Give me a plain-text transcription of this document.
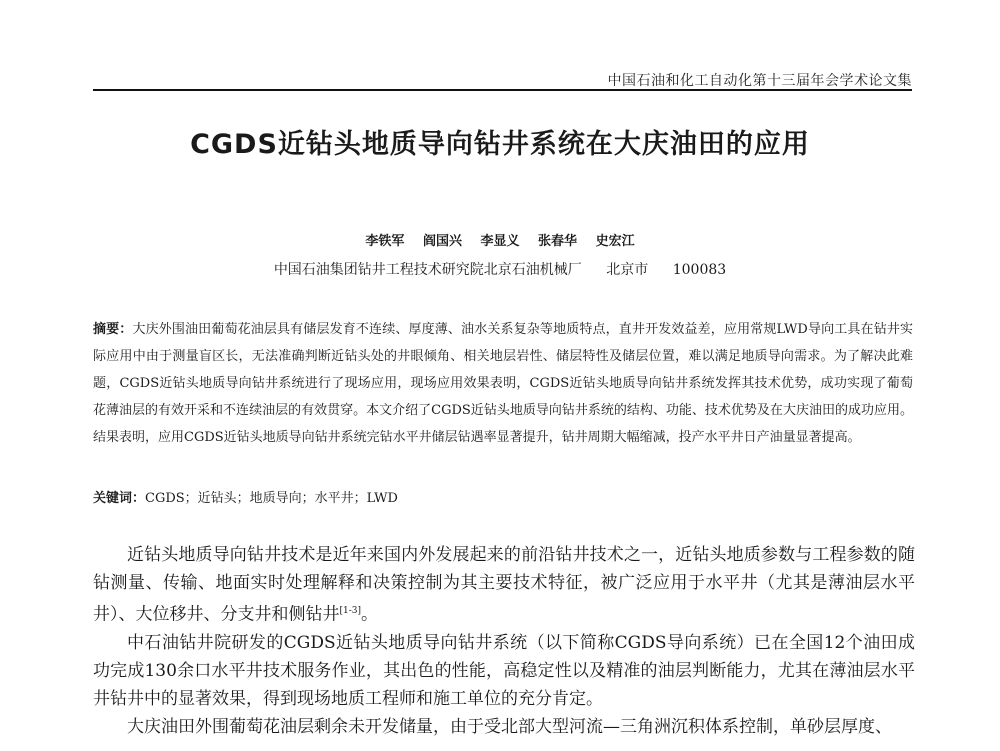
中国石油和化工自动化第十三届年会学术论文集
CGDS近钻头地质导向钻井系统在大庆油田的应用
李铁军 阎国兴 李显义 张春华 史宏江
中国石油集团钻井工程技术研究院北京石油机械厂 北京市 100083
摘要：大庆外围油田葡萄花油层具有储层发育不连续、厚度薄、油水关系复杂等地质特点，直井开发效益差，应用常规LWD导向工具在钻井实际应用中由于测量盲区长，无法准确判断近钻头处的井眼倾角、相关地层岩性、储层特性及储层位置，难以满足地质导向需求。为了解决此难题，CGDS近钻头地质导向钻井系统进行了现场应用，现场应用效果表明，CGDS近钻头地质导向钻井系统发挥其技术优势，成功实现了葡萄花薄油层的有效开采和不连续油层的有效贯穿。本文介绍了CGDS近钻头地质导向钻井系统的结构、功能、技术优势及在大庆油田的成功应用。结果表明，应用CGDS近钻头地质导向钻井系统完钻水平井储层钻遇率显著提升，钻井周期大幅缩减，投产水平井日产油量显著提高。
关键词：CGDS；近钻头；地质导向；水平井；LWD

近钻头地质导向钻井技术是近年来国内外发展起来的前沿钻井技术之一，近钻头地质参数与工程参数的随钻测量、传输、地面实时处理解释和决策控制为其主要技术特征，被广泛应用于水平井（尤其是薄油层水平井）、大位移井、分支井和侧钻井[1-3]。

中石油钻井院研发的CGDS近钻头地质导向钻井系统（以下简称CGDS导向系统）已在全国12个油田成功完成130余口水平井技术服务作业，其出色的性能，高稳定性以及精准的油层判断能力，尤其在薄油层水平井钻井中的显著效果，得到现场地质工程师和施工单位的充分肯定。

大庆油田外围葡萄花油层剩余未开发储量，由于受北部大型河流—三角洲沉积体系控制，单砂层厚度、
